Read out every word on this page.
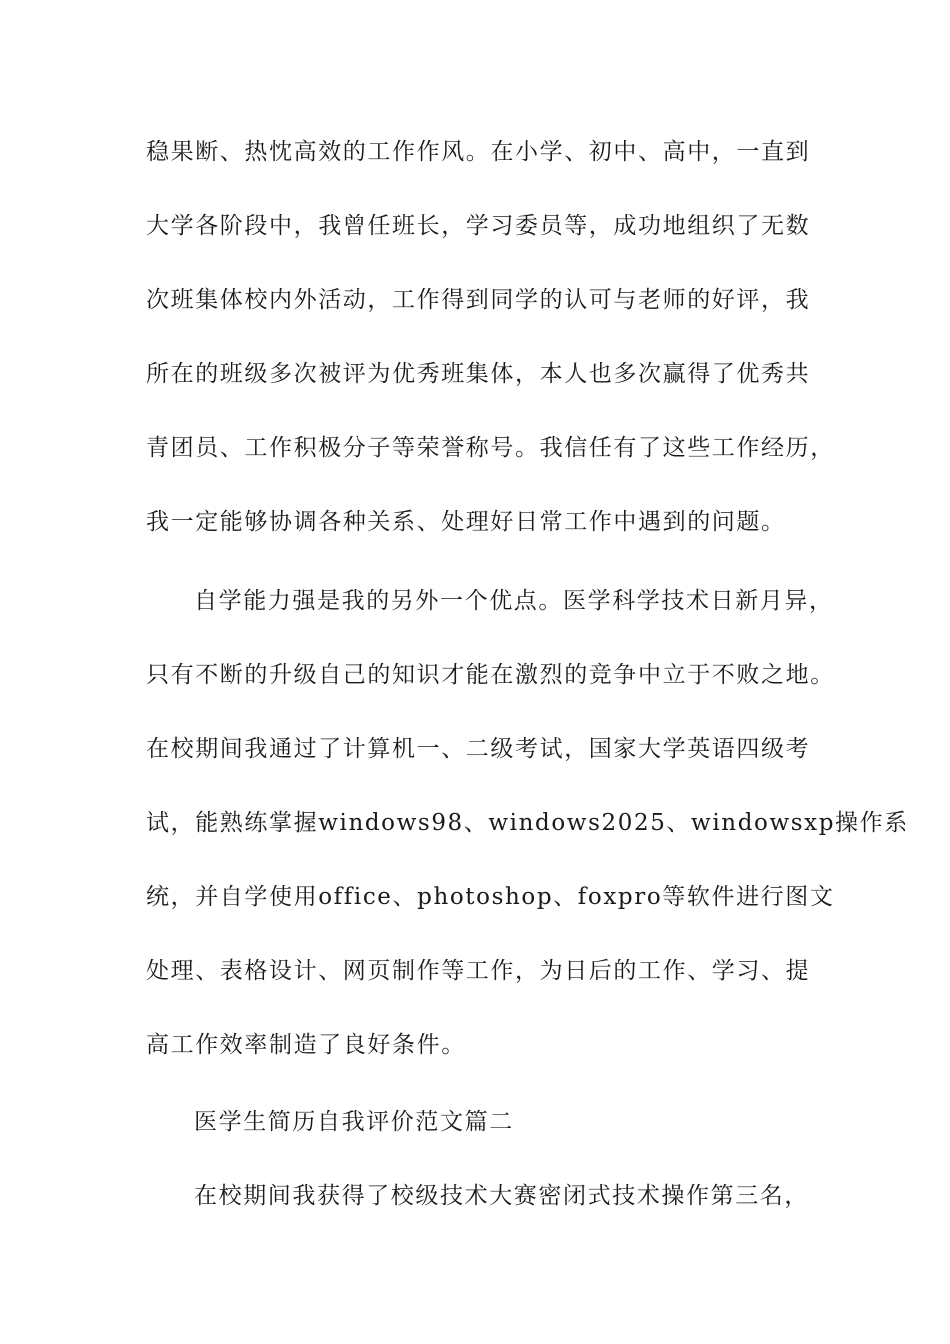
稳果断、热忱高效的工作作风。在小学、初中、高中，一直到
大学各阶段中，我曾任班长，学习委员等，成功地组织了无数
次班集体校内外活动，工作得到同学的认可与老师的好评，我
所在的班级多次被评为优秀班集体，本人也多次赢得了优秀共
青团员、工作积极分子等荣誉称号。我信任有了这些工作经历，
我一定能够协调各种关系、处理好日常工作中遇到的问题。
自学能力强是我的另外一个优点。医学科学技术日新月异，
只有不断的升级自己的知识才能在激烈的竞争中立于不败之地。
在校期间我通过了计算机一、二级考试，国家大学英语四级考
试，能熟练掌握windows98、windows2025、windowsxp操作系
统，并自学使用office、photoshop、foxpro等软件进行图文
处理、表格设计、网页制作等工作，为日后的工作、学习、提
高工作效率制造了良好条件。
医学生简历自我评价范文篇二
在校期间我获得了校级技术大赛密闭式技术操作第三名，
